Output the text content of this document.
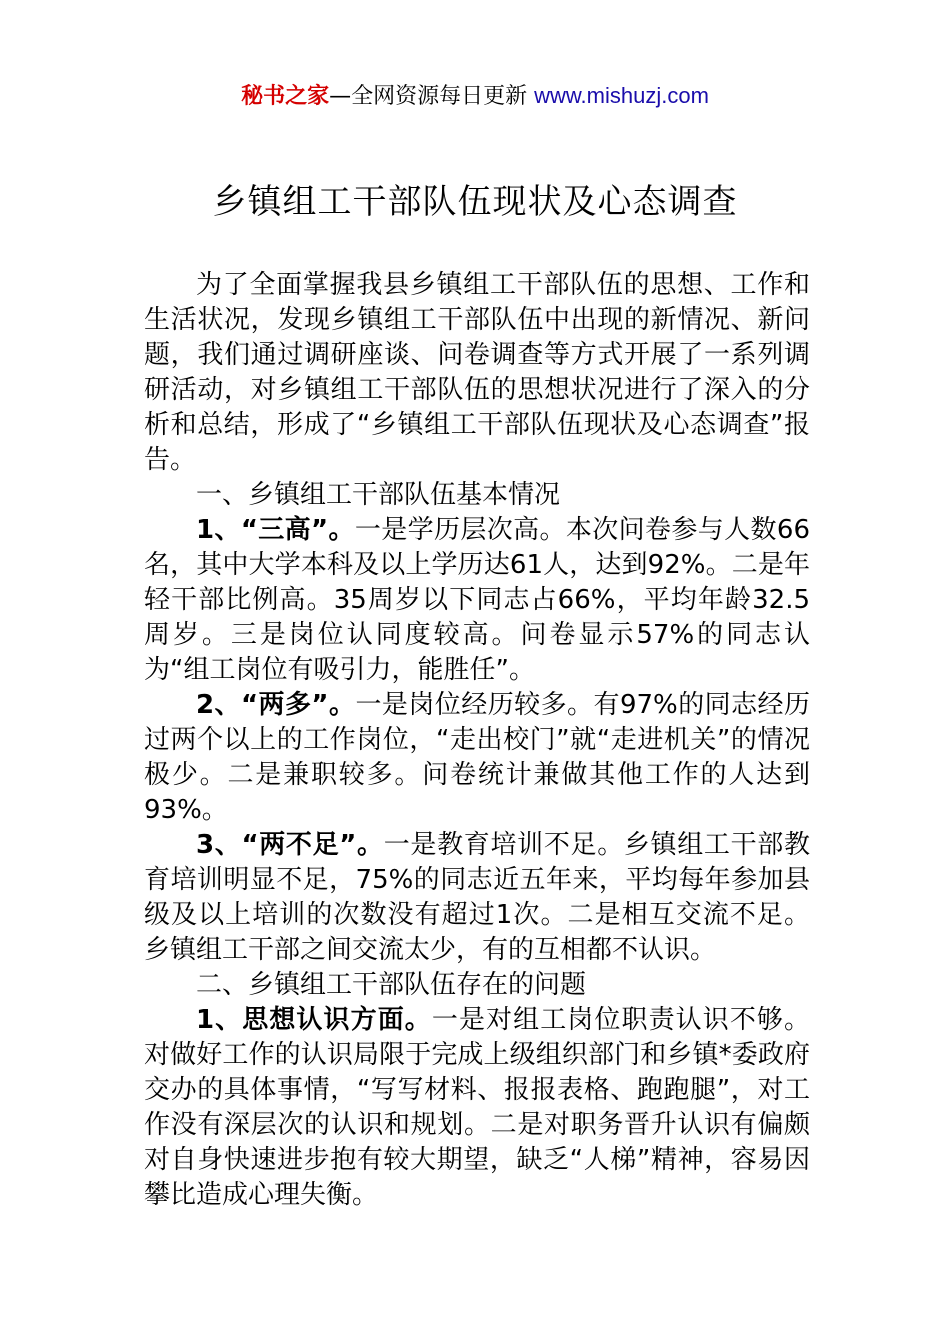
秘书之家—全网资源每日更新 www.mishuzj.com
乡镇组工干部队伍现状及心态调查

为了全面掌握我县乡镇组工干部队伍的思想、工作和生活状况，发现乡镇组工干部队伍中出现的新情况、新问题，我们通过调研座谈、问卷调查等方式开展了一系列调研活动，对乡镇组工干部队伍的思想状况进行了深入的分析和总结，形成了“乡镇组工干部队伍现状及心态调查”报告。

一、乡镇组工干部队伍基本情况

1、“三高”。一是学历层次高。本次问卷参与人数66名，其中大学本科及以上学历达61人，达到92%。二是年轻干部比例高。35周岁以下同志占66%，平均年龄32.5周岁。三是岗位认同度较高。问卷显示57%的同志认为“组工岗位有吸引力，能胜任”。

2、“两多”。一是岗位经历较多。有97%的同志经历过两个以上的工作岗位，“走出校门”就“走进机关”的情况极少。二是兼职较多。问卷统计兼做其他工作的人达到93%。

3、“两不足”。一是教育培训不足。乡镇组工干部教育培训明显不足，75%的同志近五年来，平均每年参加县级及以上培训的次数没有超过1次。二是相互交流不足。乡镇组工干部之间交流太少，有的互相都不认识。

二、乡镇组工干部队伍存在的问题

1、思想认识方面。一是对组工岗位职责认识不够。对做好工作的认识局限于完成上级组织部门和乡镇*委政府交办的具体事情，“写写材料、报报表格、跑跑腿”，对工作没有深层次的认识和规划。二是对职务晋升认识有偏颇对自身快速进步抱有较大期望，缺乏“人梯”精神，容易因攀比造成心理失衡。
